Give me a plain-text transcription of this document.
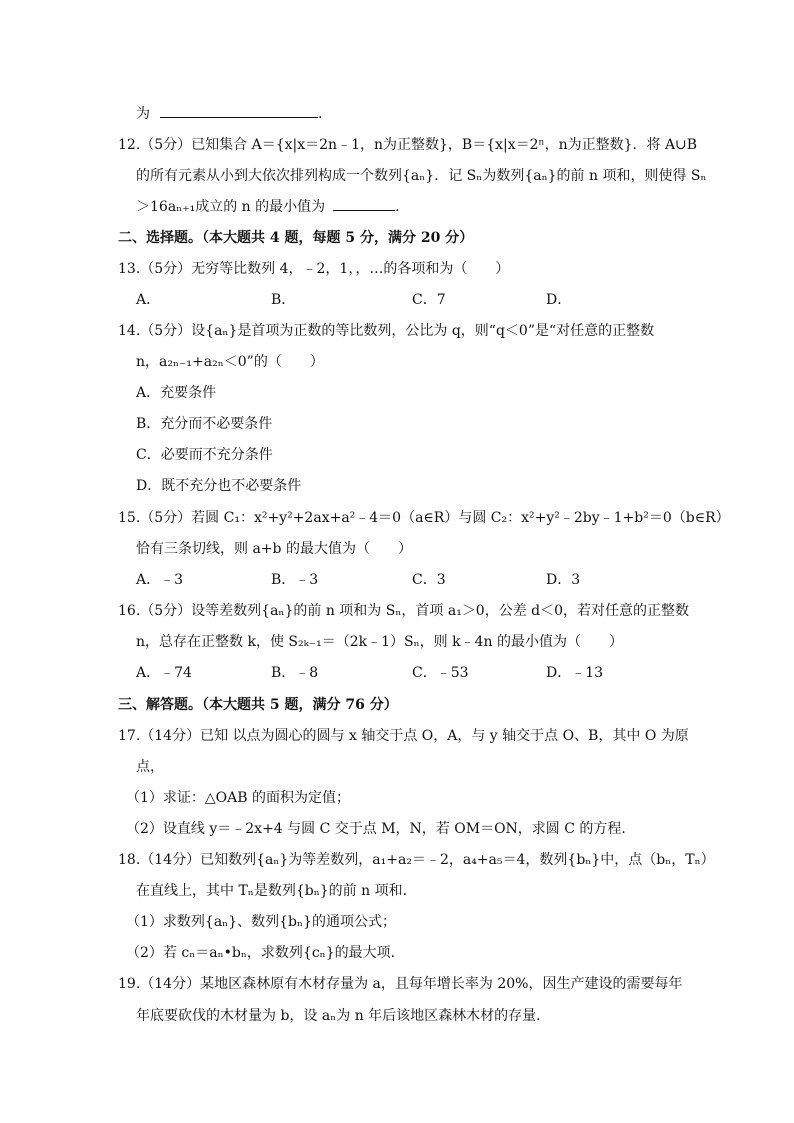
为	.
12.（5分）已知集合 A＝{x|x＝2n﹣1，n为正整数}，B＝{x|x＝2ⁿ，n为正整数}．将 A∪B
的所有元素从小到大依次排列构成一个数列{aₙ}．记 Sₙ为数列{aₙ}的前 n 项和，则使得 Sₙ
＞16aₙ₊₁成立的 n 的最小值为	.
二、选择题。（本大题共 4 题，每题 5 分，满分 20 分）
13.（5分）无穷等比数列 4，﹣2，1，，…的各项和为（　　）
A．	B．	C．7	D．
14.（5分）设{aₙ}是首项为正数的等比数列，公比为 q，则“q＜0”是“对任意的正整数
n，a₂ₙ₋₁+a₂ₙ＜0”的（　　）
A．充要条件
B．充分而不必要条件
C．必要而不充分条件
D．既不充分也不必要条件
15.（5分）若圆 C₁：x²+y²+2ax+a²﹣4＝0（a∈R）与圆 C₂：x²+y²﹣2by﹣1+b²＝0（b∈R）
恰有三条切线，则 a+b 的最大值为（　　）
A．﹣3	B．﹣3	C．3	D．3
16.（5分）设等差数列{aₙ}的前 n 项和为 Sₙ，首项 a₁＞0，公差 d＜0，若对任意的正整数
n，总存在正整数 k，使 S₂ₖ₋₁＝（2k﹣1）Sₙ，则 k﹣4n 的最小值为（　　）
A．﹣74	B．﹣8	C．﹣53	D．﹣13
三、解答题。（本大题共 5 题，满分 76 分）
17.（14分）已知 以点为圆心的圆与 x 轴交于点 O，A，与 y 轴交于点 O、B，其中 O 为原
点，
（1）求证：△OAB 的面积为定值；
（2）设直线 y＝﹣2x+4 与圆 C 交于点 M，N，若 OM＝ON，求圆 C 的方程．
18.（14分）已知数列{aₙ}为等差数列，a₁+a₂＝﹣2，a₄+a₅＝4，数列{bₙ}中，点（bₙ，Tₙ）
在直线上，其中 Tₙ是数列{bₙ}的前 n 项和．
（1）求数列{aₙ}、数列{bₙ}的通项公式；
（2）若 cₙ＝aₙ•bₙ，求数列{cₙ}的最大项．
19.（14分）某地区森林原有木材存量为 a，且每年增长率为 20%，因生产建设的需要每年
年底要砍伐的木材量为 b，设 aₙ为 n 年后该地区森林木材的存量．
